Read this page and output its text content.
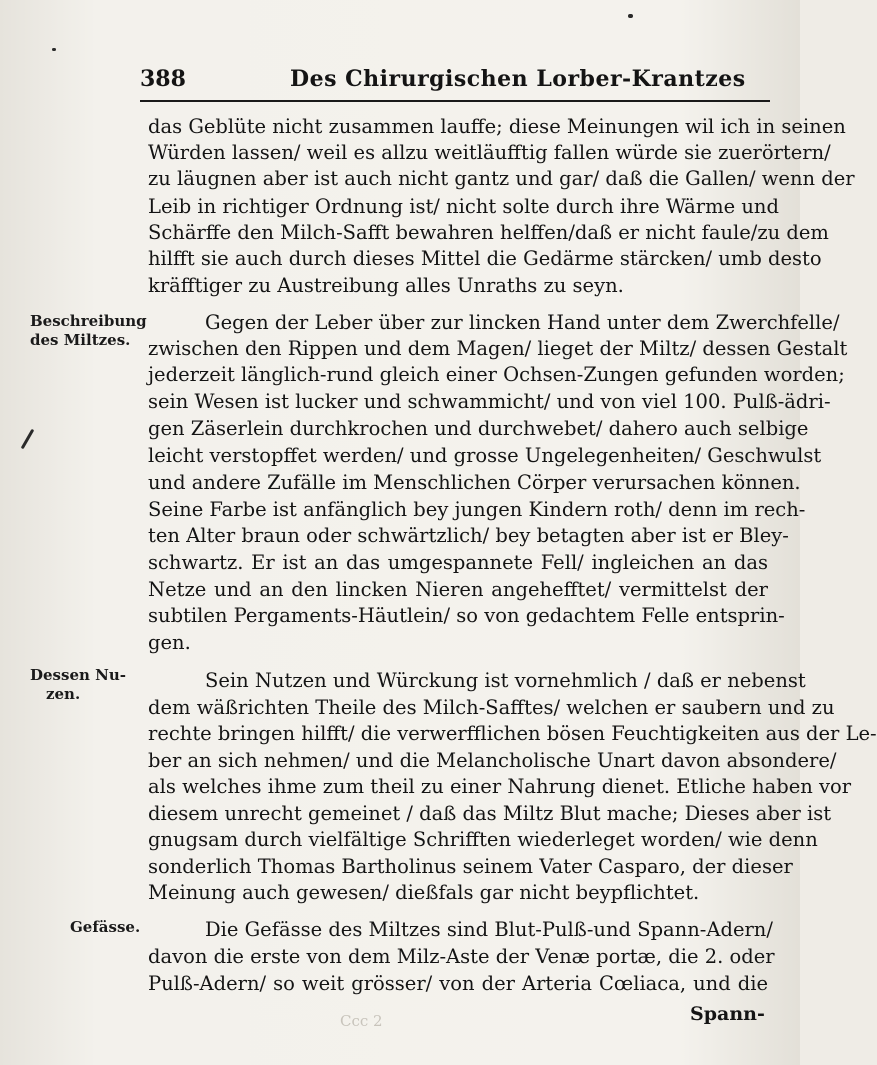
388	Des Chirurgischen Lorber-Krantzes

Beschreibung
des Miltzes.
Dessen Nu-
zen.
Gefässe.
das Geblüte nicht zusammen lauffe; diese Meinungen wil ich in seinen
Würden lassen/ weil es allzu weitläufftig fallen würde sie zuerörtern/
zu läugnen aber ist auch nicht gantz und gar/ daß die Gallen/ wenn der
Leib in richtiger Ordnung ist/ nicht solte durch ihre Wärme und
Schärffe den Milch-Safft bewahren helffen/daß er nicht faule/zu dem
hilfft sie auch durch dieses Mittel die Gedärme stärcken/ umb desto
kräfftiger zu Austreibung alles Unraths zu seyn.
Gegen der Leber über zur lincken Hand unter dem Zwerchfelle/
zwischen den Rippen und dem Magen/ lieget der Miltz/ dessen Gestalt
jederzeit länglich-rund gleich einer Ochsen-Zungen gefunden worden;
sein Wesen ist lucker und schwammicht/ und von viel 100. Pulß-ädri-
gen Zäserlein durchkrochen und durchwebet/ dahero auch selbige
leicht verstopffet werden/ und grosse Ungelegenheiten/ Geschwulst
und andere Zufälle im Menschlichen Cörper verursachen können.
Seine Farbe ist anfänglich bey jungen Kindern roth/ denn im rech-
ten Alter braun oder schwärtzlich/ bey betagten aber ist er Bley-
schwartz. Er ist an das umgespannete Fell/ ingleichen an das
Netze und an den lincken Nieren angehefftet/ vermittelst der
subtilen Pergaments-Häutlein/ so von gedachtem Felle entsprin-
gen.
Sein Nutzen und Würckung ist vornehmlich / daß er nebenst
dem wäßrichten Theile des Milch-Safftes/ welchen er saubern und zu
rechte bringen hilfft/ die verwerfflichen bösen Feuchtigkeiten aus der Le-
ber an sich nehmen/ und die Melancholische Unart davon absondere/
als welches ihme zum theil zu einer Nahrung dienet. Etliche haben vor
diesem unrecht gemeinet / daß das Miltz Blut mache; Dieses aber ist
gnugsam durch vielfältige Schrifften wiederleget worden/ wie denn
sonderlich Thomas Bartholinus seinem Vater Casparo, der dieser
Meinung auch gewesen/ dießfals gar nicht beypflichtet.
Die Gefässe des Miltzes sind Blut-Pulß-und Spann-Adern/
davon die erste von dem Milz-Aste der Venæ portæ, die 2. oder
Pulß-Adern/ so weit grösser/ von der Arteria Cœliaca, und die
Ccc 2	Spann-
